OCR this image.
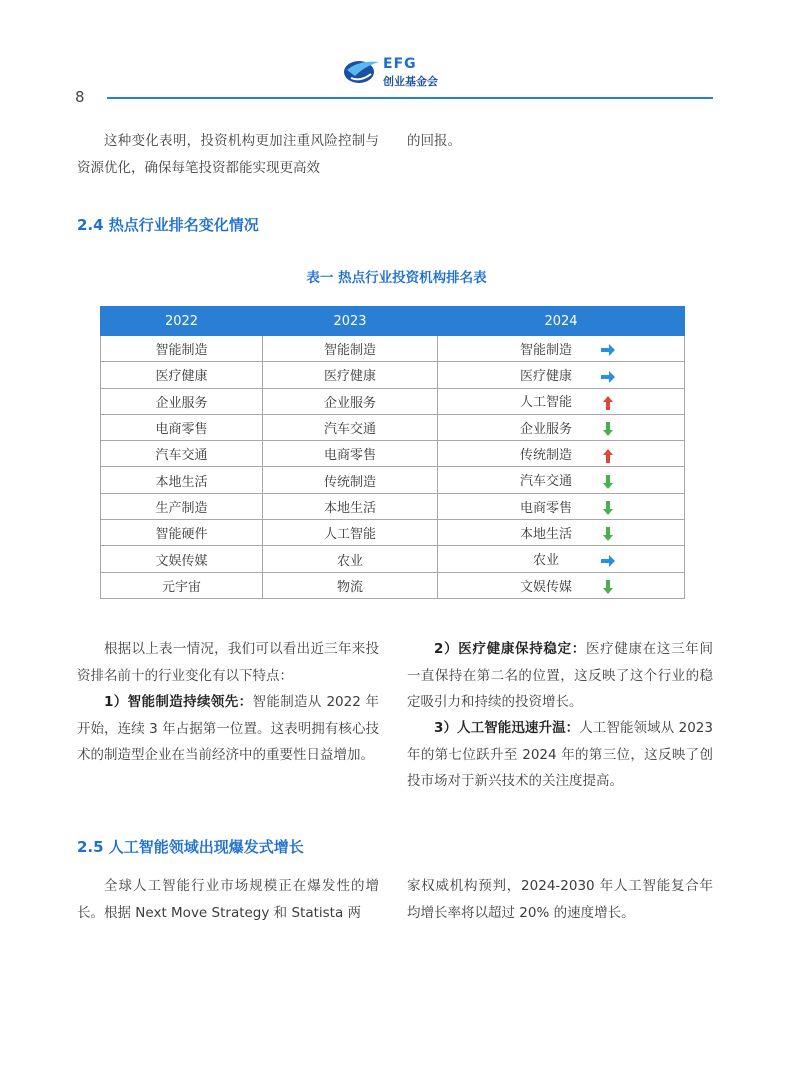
EFG
创业基金会
8

这种变化表明，投资机构更加注重风险控制与资源优化，确保每笔投资都能实现更高效

的回报。

2.4 热点行业排名变化情况
表一 热点行业投资机构排名表
2022	2023	2024
智能制造	智能制造	智能制造
医疗健康	医疗健康	医疗健康
企业服务	企业服务	人工智能
电商零售	汽车交通	企业服务
汽车交通	电商零售	传统制造
本地生活	传统制造	汽车交通
生产制造	本地生活	电商零售
智能硬件	人工智能	本地生活
文娱传媒	农业	农业
元宇宙	物流	文娱传媒

根据以上表一情况，我们可以看出近三年来投资排名前十的行业变化有以下特点：

1）智能制造持续领先：智能制造从 2022 年开始，连续 3 年占据第一位置。这表明拥有核心技术的制造型企业在当前经济中的重要性日益增加。

2）医疗健康保持稳定：医疗健康在这三年间一直保持在第二名的位置，这反映了这个行业的稳定吸引力和持续的投资增长。

3）人工智能迅速升温：人工智能领域从 2023 年的第七位跃升至 2024 年的第三位，这反映了创投市场对于新兴技术的关注度提高。

2.5 人工智能领域出现爆发式增长

全球人工智能行业市场规模正在爆发性的增长。根据 Next Move Strategy 和 Statista 两

家权威机构预判，2024-2030 年人工智能复合年均增长率将以超过 20% 的速度增长。
